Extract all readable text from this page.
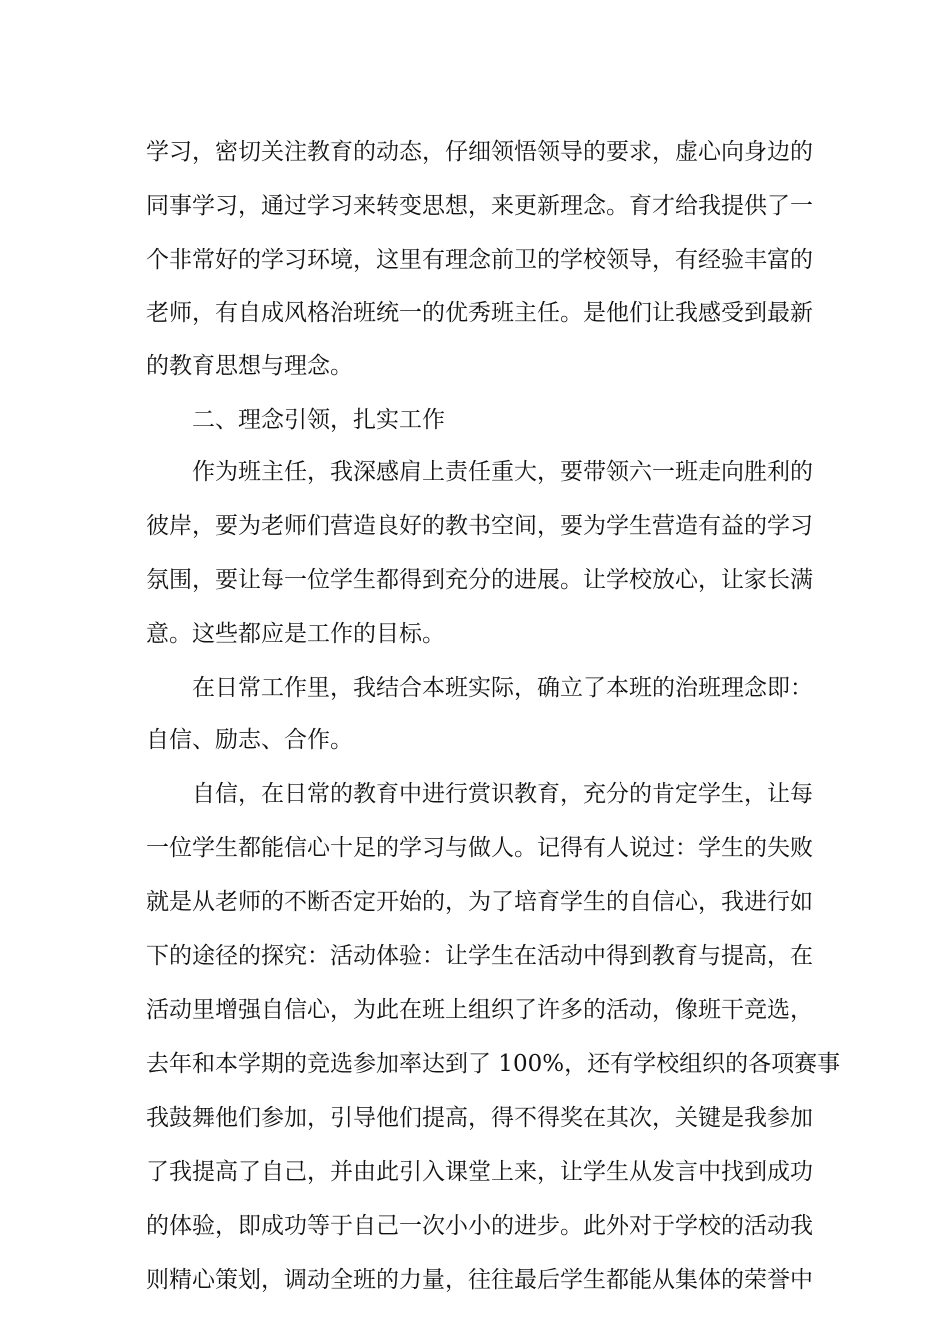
学习，密切关注教育的动态，仔细领悟领导的要求，虚心向身边的
同事学习，通过学习来转变思想，来更新理念。育才给我提供了一
个非常好的学习环境，这里有理念前卫的学校领导，有经验丰富的
老师，有自成风格治班统一的优秀班主任。是他们让我感受到最新
的教育思想与理念。
二、理念引领，扎实工作
作为班主任，我深感肩上责任重大，要带领六一班走向胜利的
彼岸，要为老师们营造良好的教书空间，要为学生营造有益的学习
氛围，要让每一位学生都得到充分的进展。让学校放心，让家长满
意。这些都应是工作的目标。
在日常工作里，我结合本班实际，确立了本班的治班理念即：
自信、励志、合作。
自信，在日常的教育中进行赏识教育，充分的肯定学生，让每
一位学生都能信心十足的学习与做人。记得有人说过：学生的失败
就是从老师的不断否定开始的，为了培育学生的自信心，我进行如
下的途径的探究：活动体验：让学生在活动中得到教育与提高，在
活动里增强自信心，为此在班上组织了许多的活动，像班干竞选，
去年和本学期的竞选参加率达到了 100%，还有学校组织的各项赛事
我鼓舞他们参加，引导他们提高，得不得奖在其次，关键是我参加
了我提高了自己，并由此引入课堂上来，让学生从发言中找到成功
的体验，即成功等于自己一次小小的进步。此外对于学校的活动我
则精心策划，调动全班的力量，往往最后学生都能从集体的荣誉中
